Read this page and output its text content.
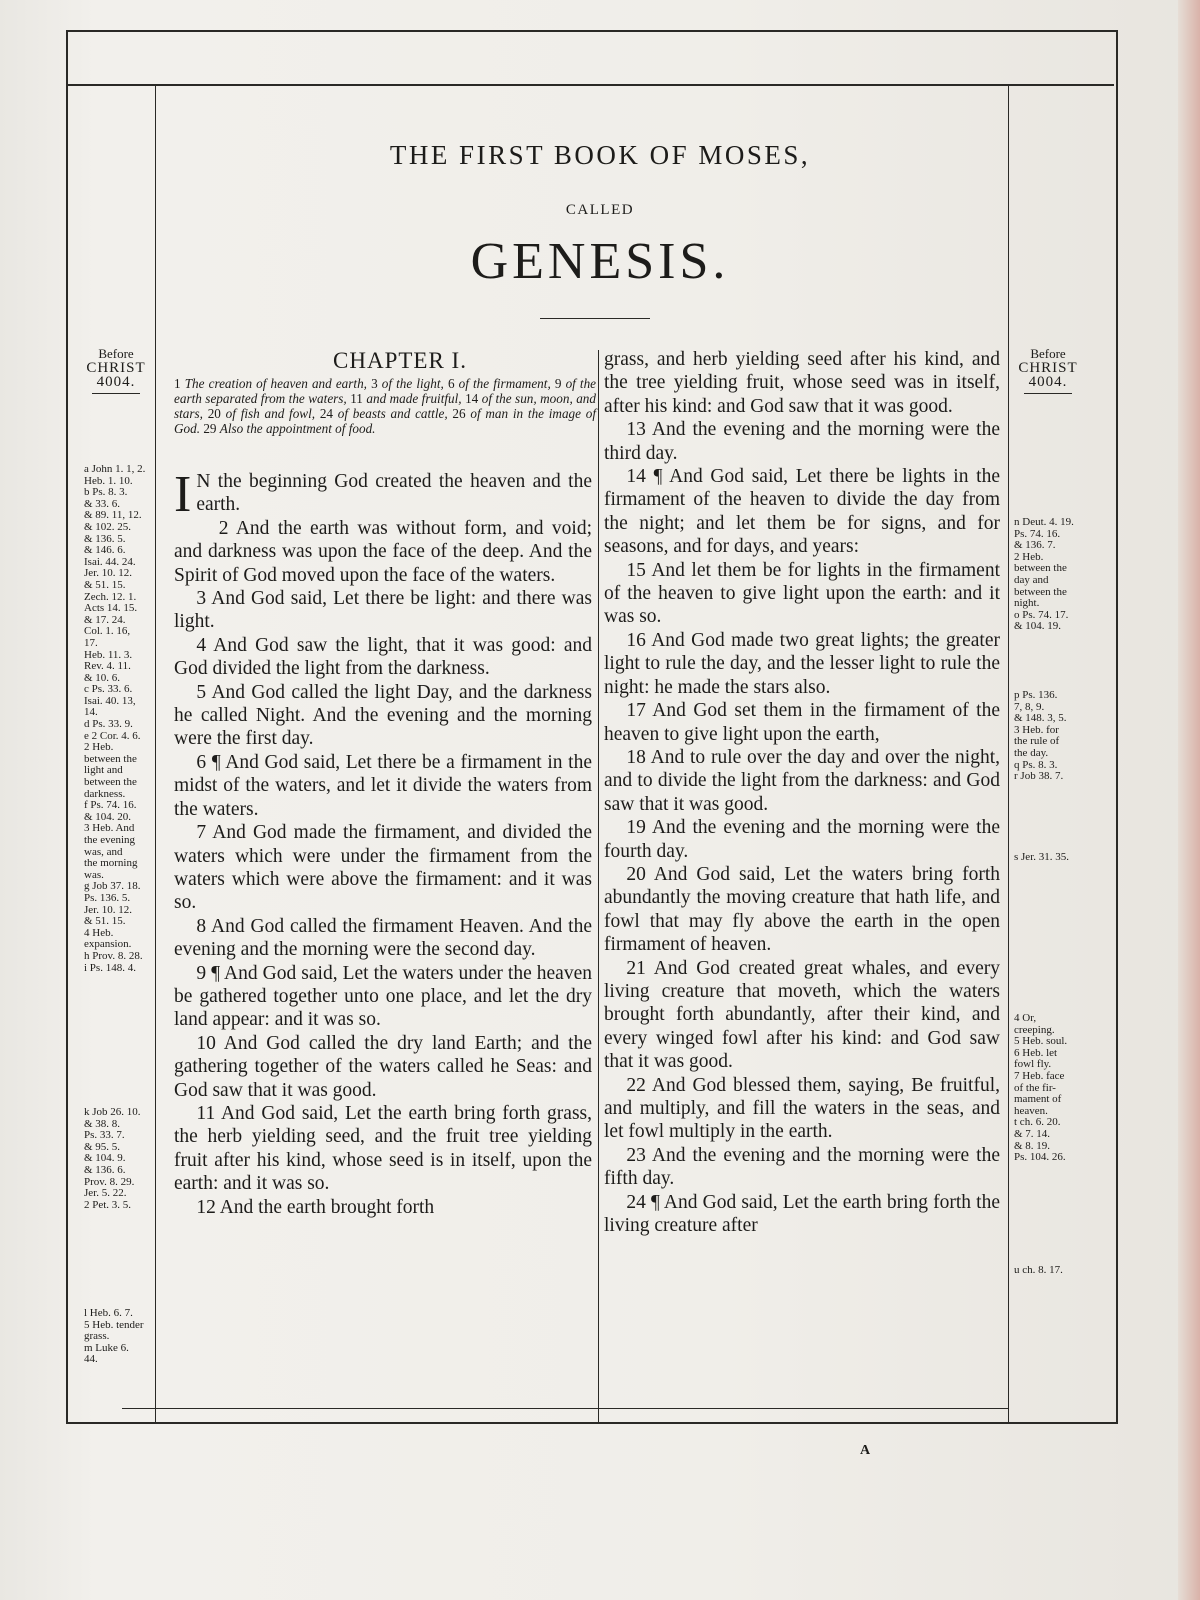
THE FIRST BOOK OF MOSES,
CALLED
GENESIS.
Before
CHRIST
4004.
Before
CHRIST
4004.
CHAPTER I.
1 The creation of heaven and earth, 3 of the light, 6 of the firmament, 9 of the earth separated from the waters, 11 and made fruitful, 14 of the sun, moon, and stars, 20 of fish and fowl, 24 of beasts and cattle, 26 of man in the image of God. 29 Also the appointment of food.
a John 1. 1, 2.
Heb. 1. 10.
b Ps. 8. 3.
& 33. 6.
& 89. 11, 12.
& 102. 25.
& 136. 5.
& 146. 6.
Isai. 44. 24.
Jer. 10. 12.
& 51. 15.
Zech. 12. 1.
Acts 14. 15.
& 17. 24.
Col. 1. 16,
17.
Heb. 11. 3.
Rev. 4. 11.
& 10. 6.
c Ps. 33. 6.
Isai. 40. 13,
14.
d Ps. 33. 9.
e 2 Cor. 4. 6.
2 Heb.
between the
light and
between the
darkness.
f Ps. 74. 16.
& 104. 20.
3 Heb. And
the evening
was, and
the morning
was.
g Job 37. 18.
Ps. 136. 5.
Jer. 10. 12.
& 51. 15.
4 Heb.
expansion.
h Prov. 8. 28.
i Ps. 148. 4.
k Job 26. 10.
& 38. 8.
Ps. 33. 7.
& 95. 5.
& 104. 9.
& 136. 6.
Prov. 8. 29.
Jer. 5. 22.
2 Pet. 3. 5.
l Heb. 6. 7.
5 Heb. tender
grass.
m Luke 6.
44.
n Deut. 4. 19.
Ps. 74. 16.
& 136. 7.
2 Heb.
between the
day and
between the
night.
o Ps. 74. 17.
& 104. 19.
p Ps. 136.
7, 8, 9.
& 148. 3, 5.
3 Heb. for
the rule of
the day.
q Ps. 8. 3.
r Job 38. 7.
s Jer. 31. 35.
4 Or,
creeping.
5 Heb. soul.
6 Heb. let
fowl fly.
7 Heb. face
of the fir-
mament of
heaven.
t ch. 6. 20.
& 7. 14.
& 8. 19.
Ps. 104. 26.
u ch. 8. 17.

I N the beginning God created the heaven and the earth.

2 And the earth was without form, and void; and darkness was upon the face of the deep. And the Spirit of God moved upon the face of the waters.

3 And God said, Let there be light: and there was light.

4 And God saw the light, that it was good: and God divided the light from the darkness.

5 And God called the light Day, and the darkness he called Night. And the evening and the morning were the first day.

6 ¶ And God said, Let there be a firmament in the midst of the waters, and let it divide the waters from the waters.

7 And God made the firmament, and divided the waters which were under the firmament from the waters which were above the firmament: and it was so.

8 And God called the firmament Heaven. And the evening and the morning were the second day.

9 ¶ And God said, Let the waters under the heaven be gathered together unto one place, and let the dry land appear: and it was so.

10 And God called the dry land Earth; and the gathering together of the waters called he Seas: and God saw that it was good.

11 And God said, Let the earth bring forth grass, the herb yielding seed, and the fruit tree yielding fruit after his kind, whose seed is in itself, upon the earth: and it was so.

12 And the earth brought forth

grass, and herb yielding seed after his kind, and the tree yielding fruit, whose seed was in itself, after his kind: and God saw that it was good.

13 And the evening and the morning were the third day.

14 ¶ And God said, Let there be lights in the firmament of the heaven to divide the day from the night; and let them be for signs, and for seasons, and for days, and years:

15 And let them be for lights in the firmament of the heaven to give light upon the earth: and it was so.

16 And God made two great lights; the greater light to rule the day, and the lesser light to rule the night: he made the stars also.

17 And God set them in the firmament of the heaven to give light upon the earth,

18 And to rule over the day and over the night, and to divide the light from the darkness: and God saw that it was good.

19 And the evening and the morning were the fourth day.

20 And God said, Let the waters bring forth abundantly the moving creature that hath life, and fowl that may fly above the earth in the open firmament of heaven.

21 And God created great whales, and every living creature that moveth, which the waters brought forth abundantly, after their kind, and every winged fowl after his kind: and God saw that it was good.

22 And God blessed them, saying, Be fruitful, and multiply, and fill the waters in the seas, and let fowl multiply in the earth.

23 And the evening and the morning were the fifth day.

24 ¶ And God said, Let the earth bring forth the living creature after

A
